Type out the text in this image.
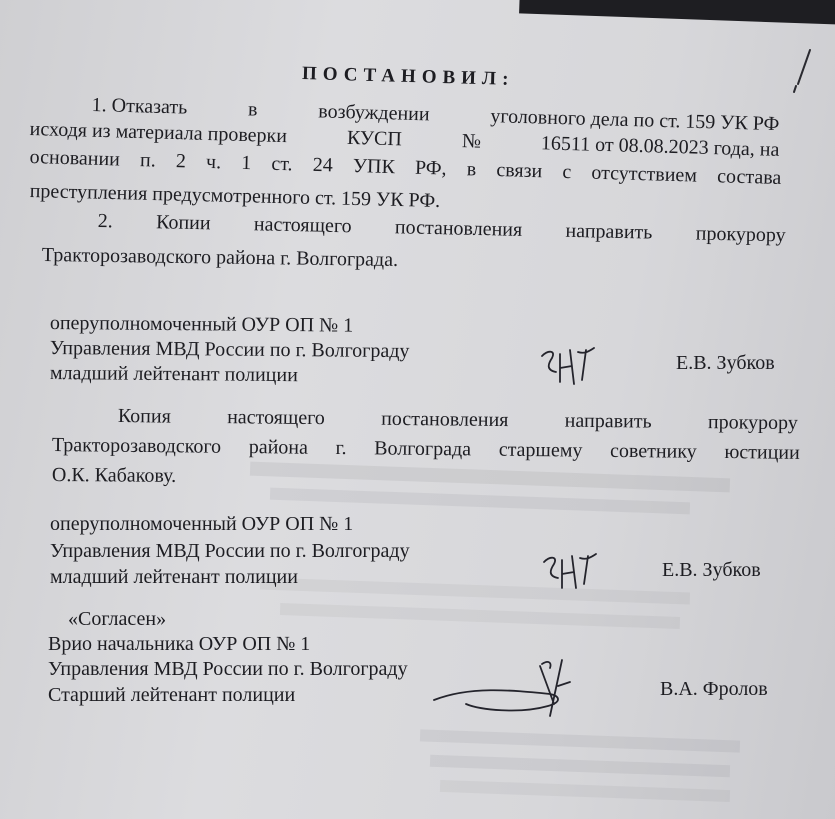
ПОСТАНОВИЛ:
1. Отказать	в	возбуждении	уголовного дела по ст. 159 УК РФ
исходя из материала проверки	КУСП	№	16511 от 08.08.2023 года, на
основании п. 2 ч. 1 ст. 24 УПК РФ, в связи с отсутствием состава
преступления предусмотренного ст. 159 УК РФ.
2. Копии настоящего постановления направить прокурору
Тракторозаводского района г. Волгограда.
оперуполномоченный ОУР ОП № 1
Управления МВД России по г. Волгограду
младший лейтенант полиции	Е.В. Зубков
Копия	настоящего	постановления	направить	прокурору
Тракторозаводского района г. Волгограда старшему советнику юстиции
О.К. Кабакову.
оперуполномоченный ОУР ОП № 1
Управления МВД России по г. Волгограду
младший лейтенант полиции	Е.В. Зубков
«Согласен»
Врио начальника ОУР ОП № 1
Управления МВД России по г. Волгограду
Старший лейтенант полиции	В.А. Фролов
